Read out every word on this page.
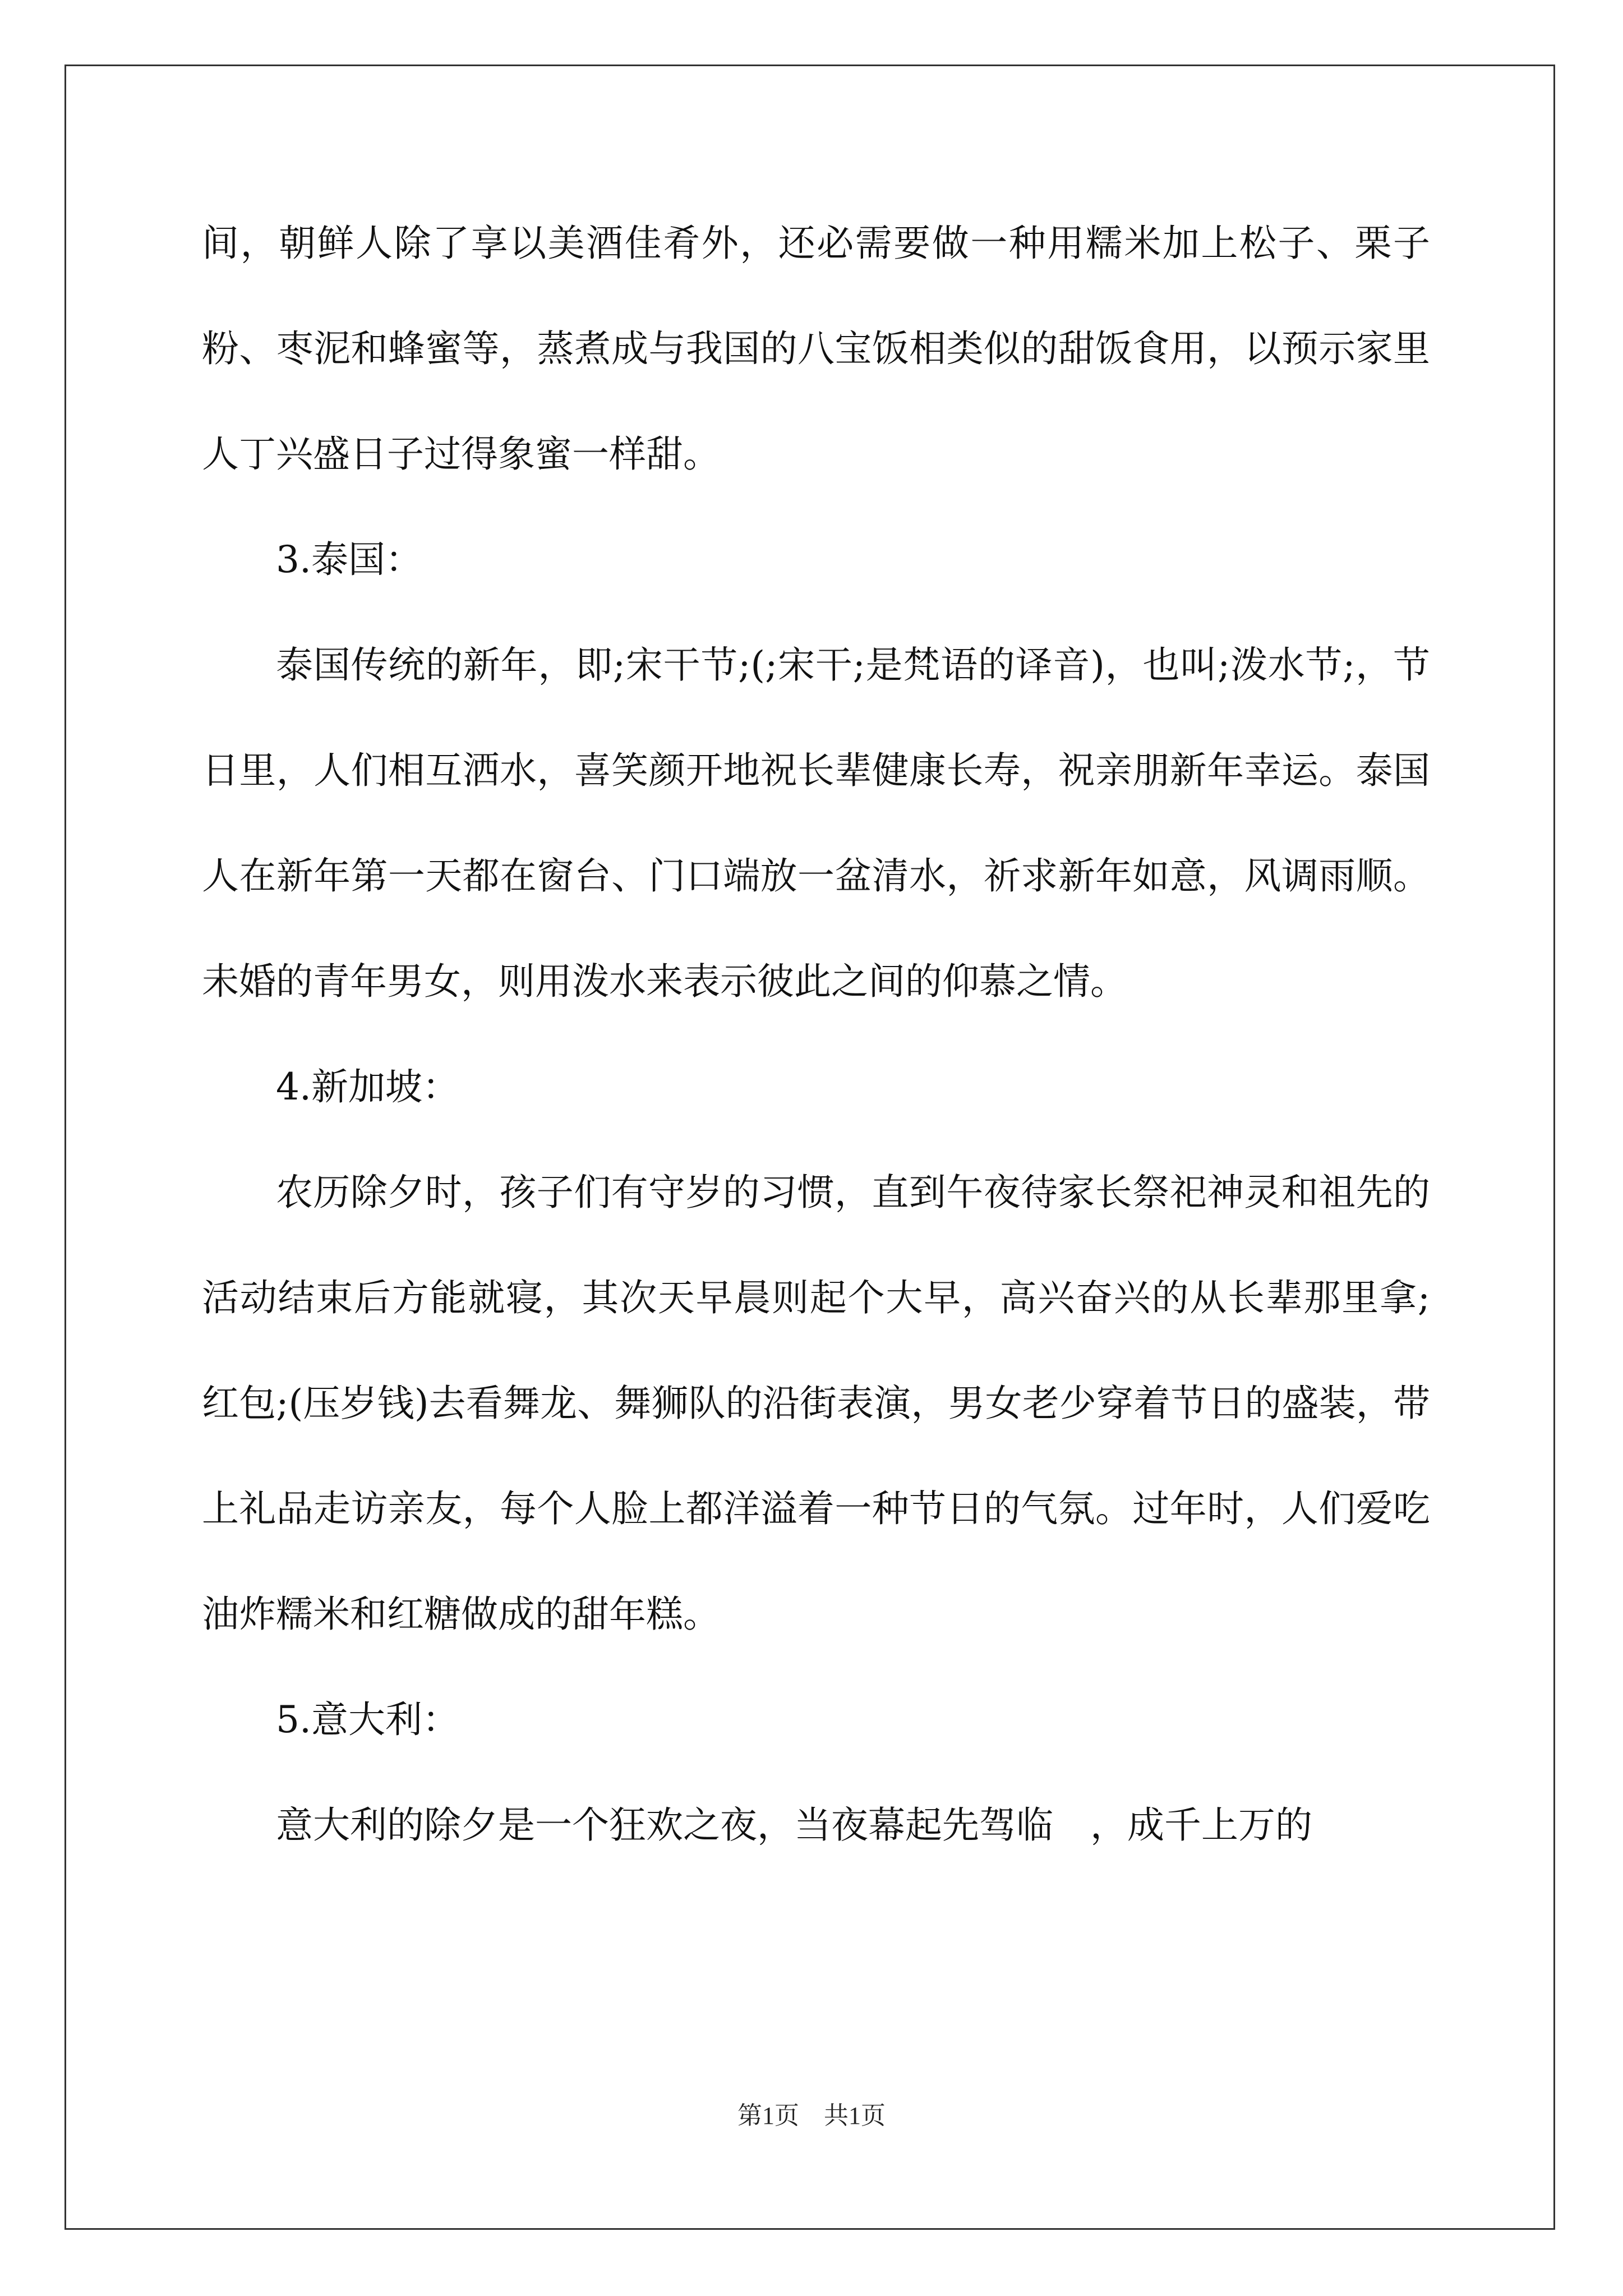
间，朝鲜人除了享以美酒佳肴外，还必需要做一种用糯米加上松子、栗子粉、枣泥和蜂蜜等，蒸煮成与我国的八宝饭相类似的甜饭食用，以预示家里人丁兴盛日子过得象蜜一样甜。

3.泰国：

泰国传统的新年，即;宋干节;(;宋干;是梵语的译音)，也叫;泼水节;，节日里，人们相互洒水，喜笑颜开地祝长辈健康长寿，祝亲朋新年幸运。泰国人在新年第一天都在窗台、门口端放一盆清水，祈求新年如意，风调雨顺。未婚的青年男女，则用泼水来表示彼此之间的仰慕之情。

4.新加坡：

农历除夕时，孩子们有守岁的习惯，直到午夜待家长祭祀神灵和祖先的活动结束后方能就寝，其次天早晨则起个大早，高兴奋兴的从长辈那里拿;红包;(压岁钱)去看舞龙、舞狮队的沿街表演，男女老少穿着节日的盛装，带上礼品走访亲友，每个人脸上都洋溢着一种节日的气氛。过年时，人们爱吃油炸糯米和红糖做成的甜年糕。

5.意大利：

意大利的除夕是一个狂欢之夜，当夜幕起先驾临　，成千上万的

第1页　共1页
